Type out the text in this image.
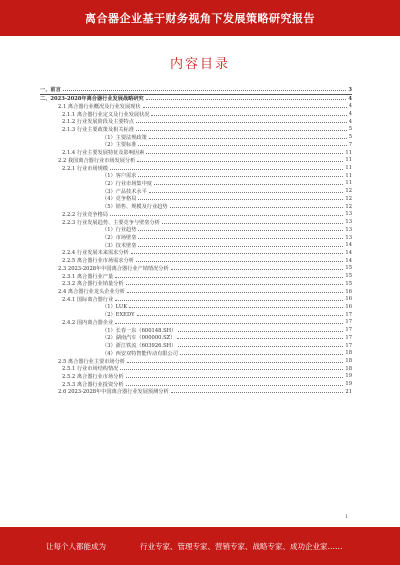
离合器企业基于财务视角下发展策略研究报告
内容目录
一、前言	3
二、2023-2028年离合器行业发展战略研究	4
2.1 离合器行业概况及行业发展现状	4
2.1.1 离合器行业定义及行业发展状况	4
2.1.2 行业发展阶段及主要特点	4
2.1.3 行业主要政策及相关标准	5
（1）主要法规政策	5
（2）主要标准	7
2.1.4 行业主要发展特征及影响因素	11
2.2 我国离合器行业市场发展分析	11
2.2.1 行业市场规模	11
（1）客户需求	11
（2）行业市场集中度	11
（3）产品技术水平	12
（4）竞争格局	12
（5）销售、规模及行业趋势	12
2.2.2 行业竞争格局	13
2.2.3 行业发展趋势、主要竞争与壁垒分析	13
（1）行业趋势	13
（2）市场壁垒	13
（3）技术壁垒	14
2.2.4 行业发展未来需求分析	14
2.2.5 离合器行业市场需求分析	14
2.3 2023-2028年中国离合器行业产销情况分析	15
2.3.1 离合器行业产量	15
2.3.2 离合器行业销量分析	15
2.4 离合器行业龙头企业分析	16
2.4.1 国际离合器行业	16
（1）LUK	16
（2）EXEDY	17
2.4.2 国内离合器企业	17
（1）长春一东（600148.SH）	17
（2）湖南汽车（000000.SZ）	17
（3）浙江铁流（603926.SH）	17
（4）西安双特智能传动有限公司	18
2.5 离合器行业主要市场分析	18
2.5.1 行业市场结构情况	18
2.5.2 离合器行业市场分析	19
2.5.3 离合器行业投资分析	19
2.6 2023-2028年中国离合器行业发展预测分析	21
1
让每个人都能成为	行业专家、管理专家、营销专家、战略专家、成功企业家……
